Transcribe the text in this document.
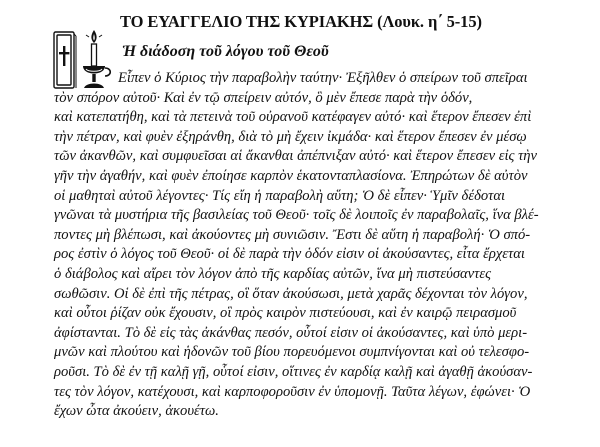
ΤΟ ΕΥΑΓΓΕΛΙΟ ΤΗΣ ΚΥΡΙΑΚΗΣ (Λουκ. η΄ 5-15)
Ἡ διάδοση τοῦ λόγου τοῦ Θεοῦ
Εἶπεν ὁ Κύριος τὴν παραβολὴν ταύτην· Ἐξῆλθεν ὁ σπείρων τοῦ σπεῖραι
τὸν σπόρον αὐτοῦ· Καὶ ἐν τῷ σπείρειν αὐτόν, ὃ μὲν ἔπεσε παρὰ τὴν ὁδόν,
καὶ κατεπατήθη, καὶ τὰ πετεινὰ τοῦ οὐρανοῦ κατέφαγεν αὐτό· καὶ ἕτερον ἔπεσεν ἐπὶ
τὴν πέτραν, καὶ φυὲν ἐξηράνθη, διὰ τὸ μὴ ἔχειν ἰκμάδα· καὶ ἕτερον ἔπεσεν ἐν μέσῳ
τῶν ἀκανθῶν, καὶ συμφυεῖσαι αἱ ἄκανθαι ἀπέπνιξαν αὐτό· καὶ ἕτερον ἔπεσεν εἰς τὴν
γῆν τὴν ἀγαθήν, καὶ φυὲν ἐποίησε καρπὸν ἑκατονταπλασίονα. Ἐπηρώτων δὲ αὐτὸν
οἱ μαθηταὶ αὐτοῦ λέγοντες· Τίς εἴη ἡ παραβολὴ αὕτη; Ὁ δὲ εἶπεν· Ὑμῖν δέδοται
γνῶναι τὰ μυστήρια τῆς βασιλείας τοῦ Θεοῦ· τοῖς δὲ λοιποῖς ἐν παραβολαῖς, ἵνα βλέ-
ποντες μὴ βλέπωσι, καὶ ἀκούοντες μὴ συνιῶσιν. Ἔστι δὲ αὕτη ἡ παραβολή· Ὁ σπό-
ρος ἐστὶν ὁ λόγος τοῦ Θεοῦ· οἱ δὲ παρὰ τὴν ὁδόν εἰσιν οἱ ἀκούσαντες, εἶτα ἔρχεται
ὁ διάβολος καὶ αἴρει τὸν λόγον ἀπὸ τῆς καρδίας αὐτῶν, ἵνα μὴ πιστεύσαντες
σωθῶσιν. Οἱ δὲ ἐπὶ τῆς πέτρας, οἳ ὅταν ἀκούσωσι, μετὰ χαρᾶς δέχονται τὸν λόγον,
καὶ οὗτοι ῥίζαν οὐκ ἔχουσιν, οἳ πρὸς καιρὸν πιστεύουσι, καὶ ἐν καιρῷ πειρασμοῦ
ἀφίστανται. Τὸ δὲ εἰς τὰς ἀκάνθας πεσόν, οὗτοί εἰσιν οἱ ἀκούσαντες, καὶ ὑπὸ μερι-
μνῶν καὶ πλούτου καὶ ἡδονῶν τοῦ βίου πορευόμενοι συμπνίγονται καὶ οὐ τελεσφο-
ροῦσι. Τὸ δὲ ἐν τῇ καλῇ γῇ, οὗτοί εἰσιν, οἵτινες ἐν καρδίᾳ καλῇ καὶ ἀγαθῇ ἀκούσαν-
τες τὸν λόγον, κατέχουσι, καὶ καρποφοροῦσιν ἐν ὑπομονῇ. Ταῦτα λέγων, ἐφώνει· Ὁ
ἔχων ὦτα ἀκούειν, ἀκουέτω.
